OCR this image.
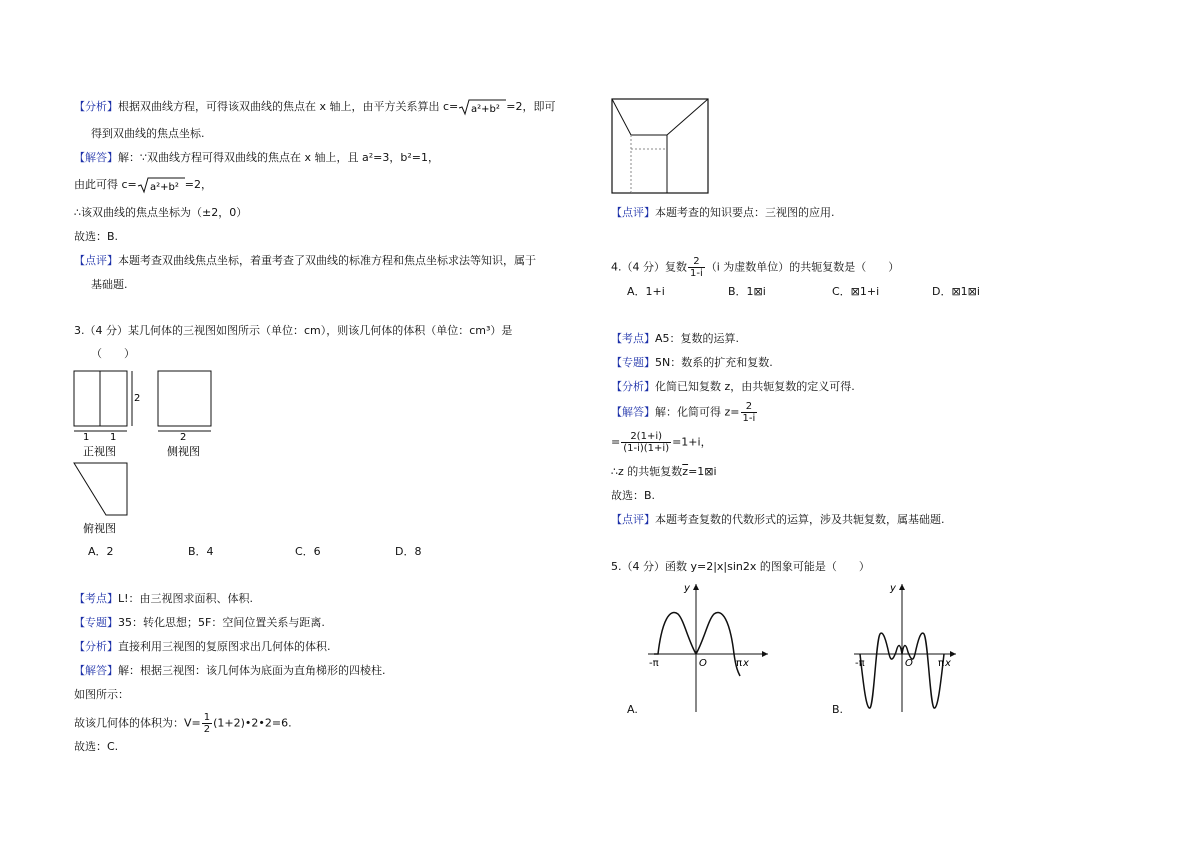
【分析】根据双曲线方程，可得该双曲线的焦点在 x 轴上，由平方关系算出 c= a²+b² =2，即可
得到双曲线的焦点坐标.
【解答】解：∵双曲线方程可得双曲线的焦点在 x 轴上，且 a²=3，b²=1，
由此可得 c= a²+b² =2，
∴该双曲线的焦点坐标为（±2，0）
故选：B.
【点评】本题考查双曲线焦点坐标，着重考查了双曲线的标准方程和焦点坐标求法等知识，属于
基础题.
3.（4 分）某几何体的三视图如图所示（单位：cm），则该几何体的体积（单位：cm³）是
（　　）
2
1 1
正视图
2
侧视图
俯视图
A．2	B．4	C．6	D．8
【考点】L!：由三视图求面积、体积.
【专题】35：转化思想；5F：空间位置关系与距离.
【分析】直接利用三视图的复原图求出几何体的体积.
【解答】解：根据三视图：该几何体为底面为直角梯形的四棱柱.
如图所示：
故该几何体的体积为：$V= \frac{1}{2}$ (1+2)•2•2=6.
故选：C.
【点评】本题考查的知识要点：三视图的应用.
4.（4 分）复数 $\frac{2}{1-i} (i$ 为虚数单位）的共轭复数是（　　）
A．1+i	B．1⊠i	C．⊠1+i	D．⊠1⊠i
【考点】A5：复数的运算.
【专题】5N：数系的扩充和复数.
【分析】化简已知复数 z，由共轭复数的定义可得.
【解答】解：化简可得 $z= \frac{2}{1-i}$
= $\frac{2(1+i)}{(1-i)(1+i)} =1+i$，
∴z 的共轭复数$\overline{z}=1⊠i$
故选：B.
【点评】本题考查复数的代数形式的运算，涉及共轭复数，属基础题.
5.（4 分）函数 y=2|x|sin2x 的图象可能是（　　）
y
-π	O	π x
A.
y
-π	O	π x
B.
